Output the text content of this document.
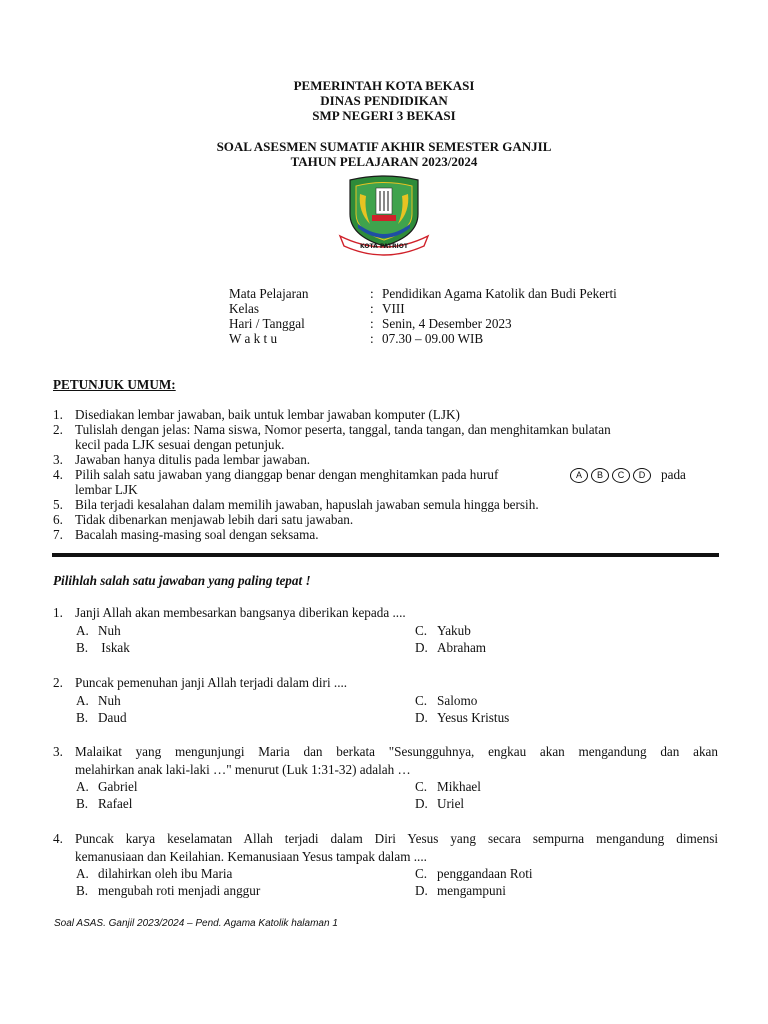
PEMERINTAH KOTA BEKASI
DINAS PENDIDIKAN
SMP NEGERI 3 BEKASI
SOAL ASESMEN SUMATIF AKHIR SEMESTER GANJIL
TAHUN PELAJARAN 2023/2024
KOTA PATRIOT
Mata Pelajaran	: Pendidikan Agama Katolik dan Budi Pekerti
Kelas	: VIII
Hari / Tanggal	: Senin, 4 Desember 2023
W a k t u	: 07.30 – 09.00 WIB
PETUNJUK UMUM:
1. Disediakan lembar jawaban, baik untuk lembar jawaban komputer (LJK)
2. Tulislah dengan jelas: Nama siswa, Nomor peserta, tanggal, tanda tangan, dan menghitamkan bulatan
kecil pada LJK sesuai dengan petunjuk.
3. Jawaban hanya ditulis pada lembar jawaban.
4. Pilih salah satu jawaban yang dianggap benar dengan menghitamkan pada huruf	A B C D	pada
lembar LJK
5. Bila terjadi kesalahan dalam memilih jawaban, hapuslah jawaban semula hingga bersih.
6. Tidak dibenarkan menjawab lebih dari satu jawaban.
7. Bacalah masing-masing soal dengan seksama.
Pilihlah salah satu jawaban yang paling tepat !
1. Janji Allah akan membesarkan bangsanya diberikan kepada ....
A. Nuh
B. Iskak
C. Yakub
D. Abraham
2. Puncak pemenuhan janji Allah terjadi dalam diri ....
A. Nuh
B. Daud
C. Salomo
D. Yesus Kristus
3. Malaikat yang mengunjungi Maria dan berkata "Sesungguhnya, engkau akan mengandung dan akan
melahirkan anak laki-laki …" menurut (Luk 1:31-32) adalah …
A. Gabriel
B. Rafael
C. Mikhael
D. Uriel
4. Puncak karya keselamatan Allah terjadi dalam Diri Yesus yang secara sempurna mengandung dimensi
kemanusiaan dan Keilahian. Kemanusiaan Yesus tampak dalam ....
A. dilahirkan oleh ibu Maria
B. mengubah roti menjadi anggur
C. penggandaan Roti
D. mengampuni
Soal ASAS. Ganjil 2023/2024 – Pend. Agama Katolik halaman 1
